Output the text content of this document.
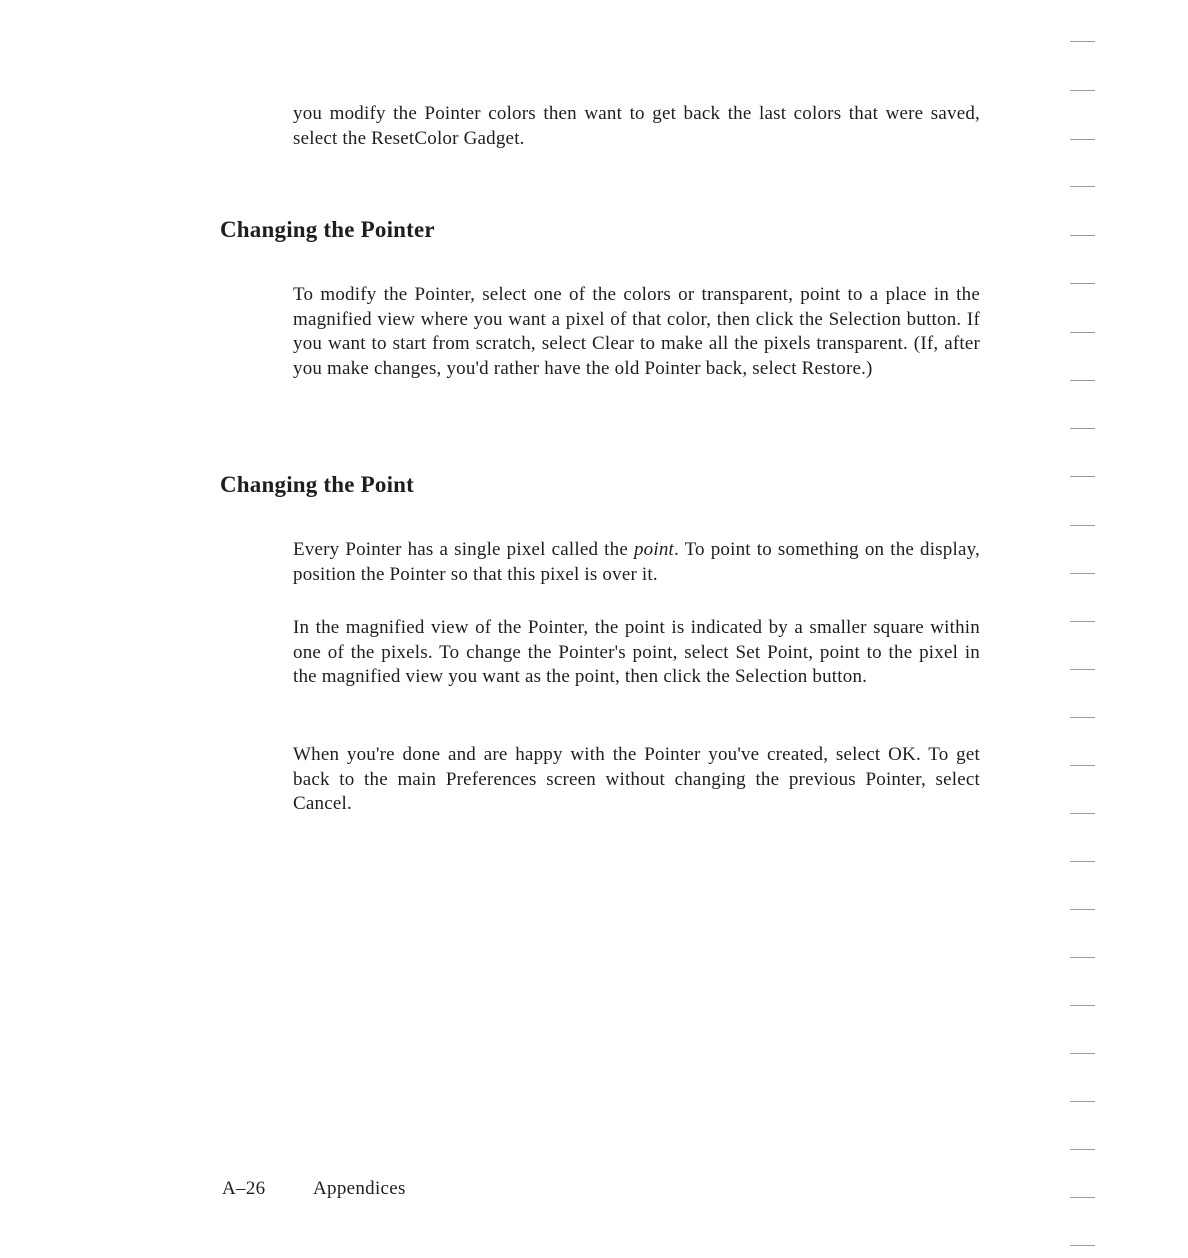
you modify the Pointer colors then want to get back the last colors that were saved, select the ResetColor Gadget.

Changing the Pointer

To modify the Pointer, select one of the colors or transparent, point to a place in the magnified view where you want a pixel of that color, then click the Selection button. If you want to start from scratch, select Clear to make all the pixels transparent. (If, after you make changes, you'd rather have the old Pointer back, select Restore.)

Changing the Point

Every Pointer has a single pixel called the point. To point to something on the display, position the Pointer so that this pixel is over it.

In the magnified view of the Pointer, the point is indicated by a smaller square within one of the pixels. To change the Pointer's point, select Set Point, point to the pixel in the magnified view you want as the point, then click the Selection button.

When you're done and are happy with the Pointer you've created, select OK. To get back to the main Preferences screen without changing the previous Pointer, select Cancel.

A–26	Appendices
